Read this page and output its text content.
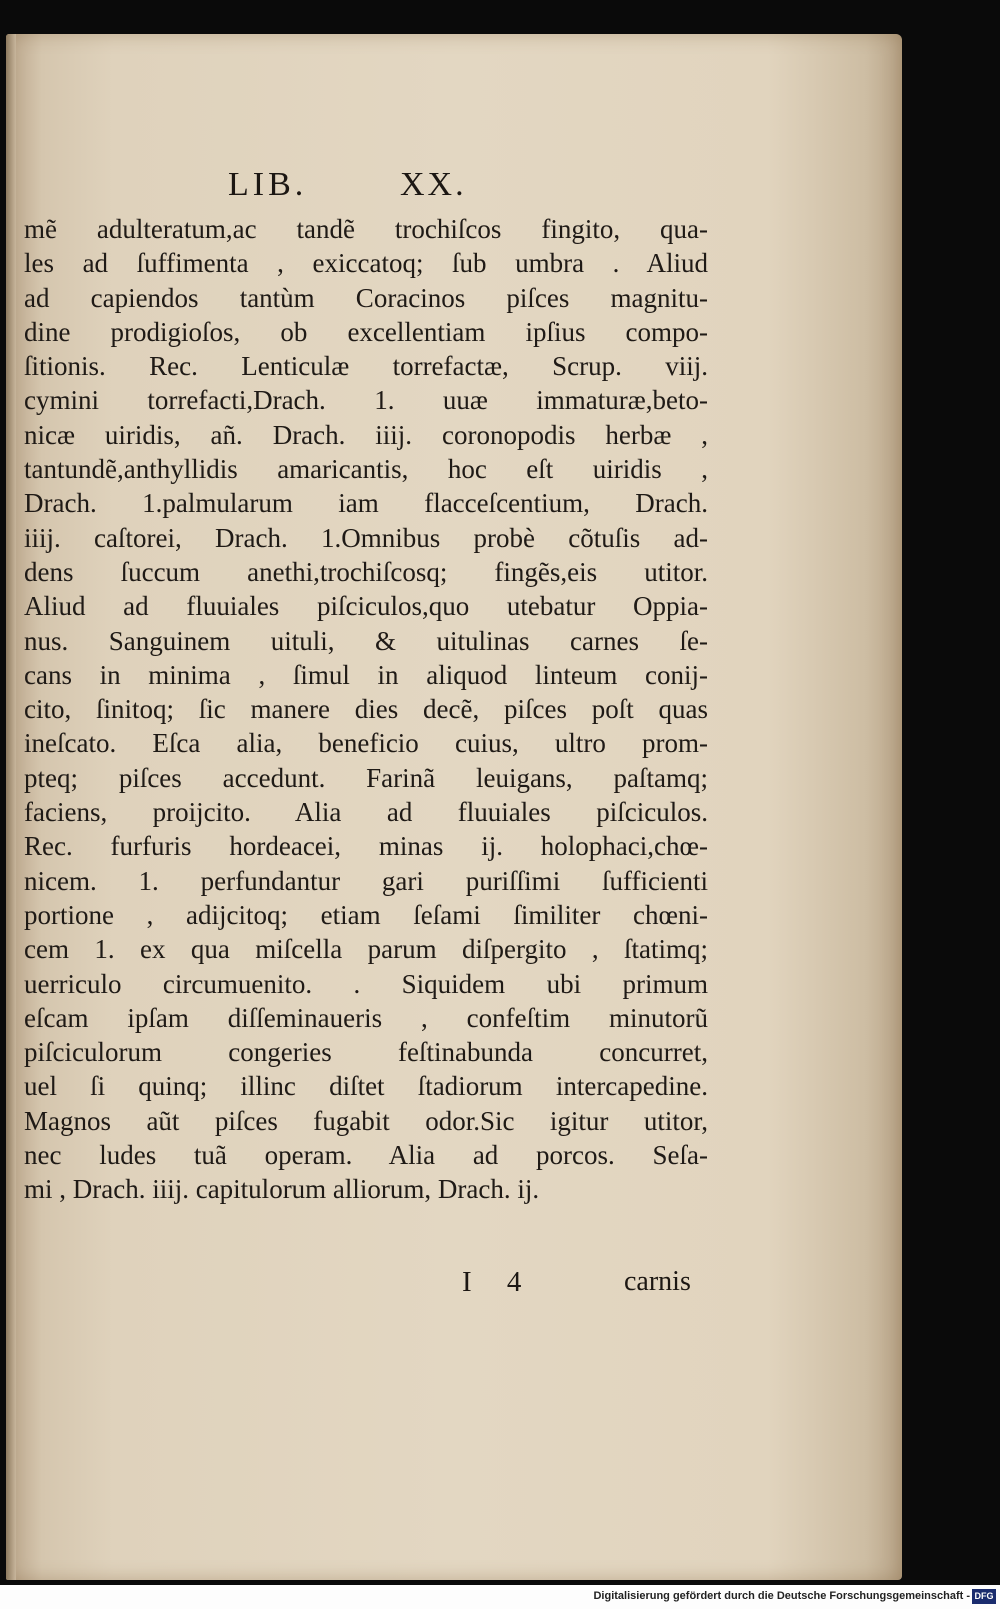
LIB.	XX.
mẽ adulteratum,ac tandẽ trochiſcos fingito, qua-
les ad ſuffimenta , exiccatoq; ſub umbra . Aliud
ad capiendos tantùm Coracinos piſces magnitu-
dine prodigioſos, ob excellentiam ipſius compo-
ſitionis. Rec. Lenticulæ torrefactæ, Scrup. viij.
cymini torrefacti,Drach. 1. uuæ immaturæ,beto-
nicæ uiridis, añ. Drach. iiij. coronopodis herbæ ,
tantundẽ,anthyllidis amaricantis, hoc eſt uiridis ,
Drach. 1.palmularum iam flacceſcentium, Drach.
iiij. caſtorei, Drach. 1.Omnibus probè cõtuſis ad-
dens ſuccum anethi,trochiſcosq; fingẽs,eis utitor.
Aliud ad fluuiales piſciculos,quo utebatur Oppia-
nus. Sanguinem uituli, & uitulinas carnes ſe-
cans in minima , ſimul in aliquod linteum conij-
cito, ſinitoq; ſic manere dies decẽ, piſces poſt quas
ineſcato. Eſca alia, beneficio cuius, ultro prom-
pteq; piſces accedunt. Farinã leuigans, paſtamq;
faciens, proijcito. Alia ad fluuiales piſciculos.
Rec. furfuris hordeacei, minas ij. holophaci,chœ-
nicem. 1. perfundantur gari puriſſimi ſufficienti
portione , adijcitoq; etiam ſeſami ſimiliter chœni-
cem 1. ex qua miſcella parum diſpergito , ſtatimq;
uerriculo circumuenito. . Siquidem ubi primum
eſcam ipſam diſſeminaueris , confeſtim minutorũ
piſciculorum congeries feſtinabunda concurret,
uel ſi quinq; illinc diſtet ſtadiorum intercapedine.
Magnos aũt piſces fugabit odor.Sic igitur utitor,
nec ludes tuã operam. Alia ad porcos. Seſa-
mi , Drach. iiij. capitulorum alliorum, Drach. ij.
I 4	carnis
Digitalisierung gefördert durch die Deutsche Forschungsgemeinschaft - DFG
